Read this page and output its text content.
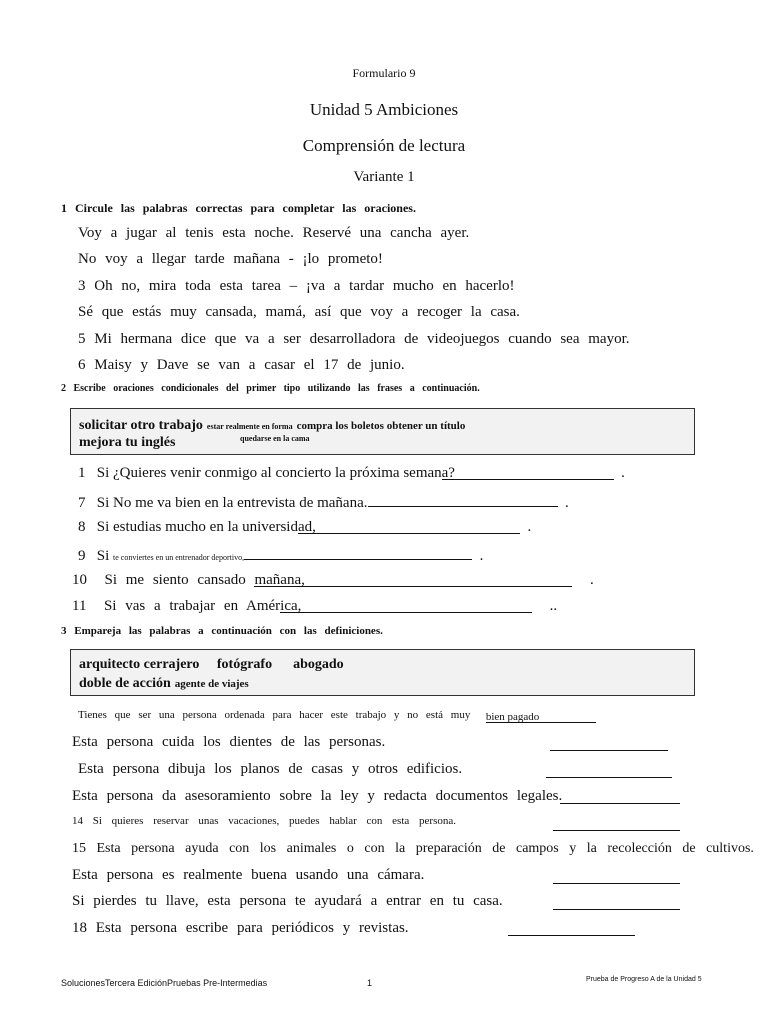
Formulario 9
Unidad 5 Ambiciones
Comprensión de lectura
Variante 1
1 Circule las palabras correctas para completar las oraciones.
Voy a jugar al tenis esta noche. Reservé una cancha ayer.
No voy a llegar tarde mañana - ¡lo prometo!
3 Oh no, mira toda esta tarea – ¡va a tardar mucho en hacerlo!
Sé que estás muy cansada, mamá, así que voy a recoger la casa.
5 Mi hermana dice que va a ser desarrolladora de videojuegos cuando sea mayor.
6 Maisy y Dave se van a casar el 17 de junio.
2 Escribe oraciones condicionales del primer tipo utilizando las frases a continuación.
solicitar otro trabajo estar realmente en forma compra los boletos obtener un título
mejora tu inglés	quedarse en la cama
1 Si ¿Quieres venir conmigo al concierto la próxima semana?	.
7 Si No me va bien en la entrevista de mañana.	.
8 Si estudias mucho en la universidad,	.
9 Si te conviertes en un entrenador deportivo,	.
10 Si me siento cansado mañana,	.
11 Si vas a trabajar en América,	..
3 Empareja las palabras a continuación con las definiciones.
arquitecto cerrajero fotógrafo abogado
doble de acción agente de viajes
Tienes que ser una persona ordenada para hacer este trabajo y no está muy bien pagado
Esta persona cuida los dientes de las personas.
Esta persona dibuja los planos de casas y otros edificios.
Esta persona da asesoramiento sobre la ley y redacta documentos legales.
14 Si quieres reservar unas vacaciones, puedes hablar con esta persona.
15 Esta persona ayuda con los animales o con la preparación de campos y la recolección de cultivos.
Esta persona es realmente buena usando una cámara.
Si pierdes tu llave, esta persona te ayudará a entrar en tu casa.
18 Esta persona escribe para periódicos y revistas.
SolucionesTercera EdiciónPruebas Pre-Intermedias	1	Prueba de Progreso A de la Unidad 5
